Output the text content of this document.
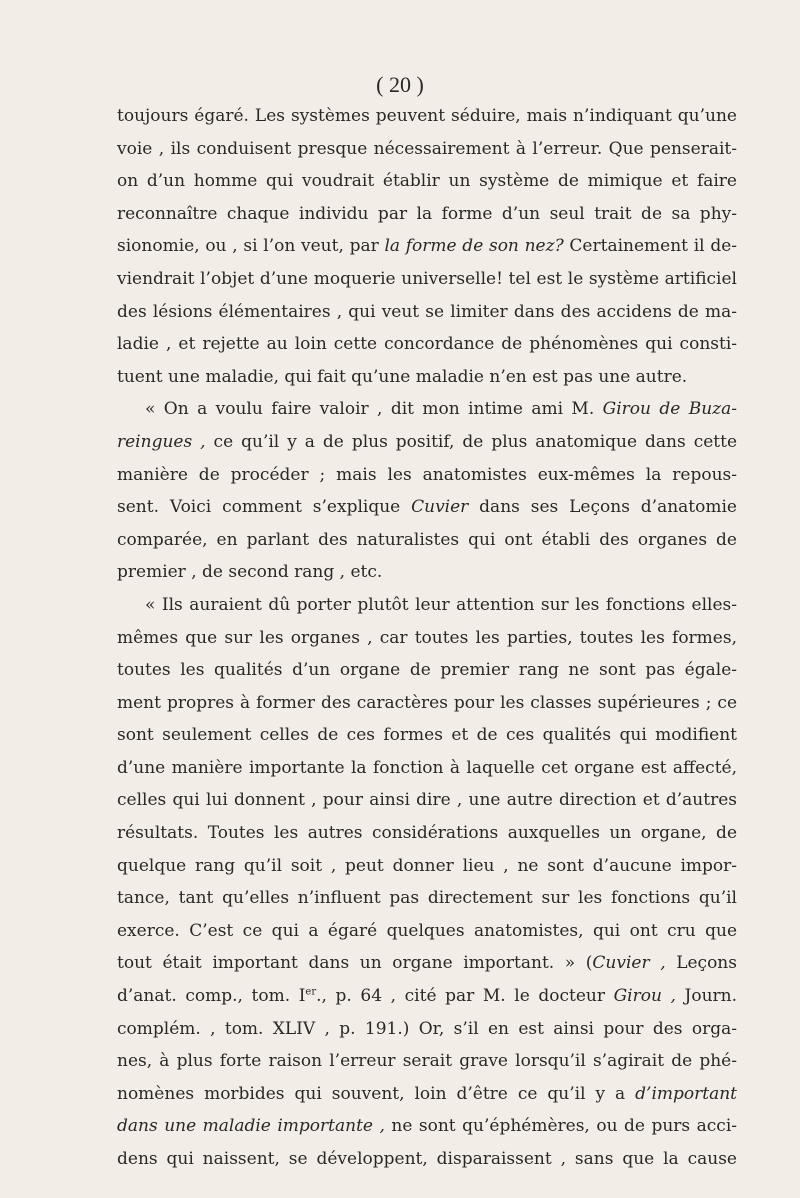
( 20 )
toujours égaré. Les systèmes peuvent séduire, mais n’indiquant qu’une
voie , ils conduisent presque nécessairement à l’erreur. Que penserait-
on d’un homme qui voudrait établir un système de mimique et faire
reconnaître chaque individu par la forme d’un seul trait de sa phy-
sionomie, ou , si l’on veut, par la forme de son nez? Certainement il de-
viendrait l’objet d’une moquerie universelle! tel est le système artificiel
des lésions élémentaires , qui veut se limiter dans des accidens de ma-
ladie , et rejette au loin cette concordance de phénomènes qui consti-
tuent une maladie, qui fait qu’une maladie n’en est pas une autre.
« On a voulu faire valoir , dit mon intime ami M. Girou de Buza-
reingues , ce qu’il y a de plus positif, de plus anatomique dans cette
manière de procéder ; mais les anatomistes eux-mêmes la repous-
sent. Voici comment s’explique Cuvier dans ses Leçons d’anatomie
comparée, en parlant des naturalistes qui ont établi des organes de
premier , de second rang , etc.
« Ils auraient dû porter plutôt leur attention sur les fonctions elles-
mêmes que sur les organes , car toutes les parties, toutes les formes,
toutes les qualités d’un organe de premier rang ne sont pas égale-
ment propres à former des caractères pour les classes supérieures ; ce
sont seulement celles de ces formes et de ces qualités qui modifient
d’une manière importante la fonction à laquelle cet organe est affecté,
celles qui lui donnent , pour ainsi dire , une autre direction et d’autres
résultats. Toutes les autres considérations auxquelles un organe, de
quelque rang qu’il soit , peut donner lieu , ne sont d’aucune impor-
tance, tant qu’elles n’influent pas directement sur les fonctions qu’il
exerce. C’est ce qui a égaré quelques anatomistes, qui ont cru que
tout était important dans un organe important. » (Cuvier , Leçons
d’anat. comp., tom. Ier., p. 64 , cité par M. le docteur Girou , Journ.
complém. , tom. XLIV , p. 191.) Or, s’il en est ainsi pour des orga-
nes, à plus forte raison l’erreur serait grave lorsqu’il s’agirait de phé-
nomènes morbides qui souvent, loin d’être ce qu’il y a d’important
dans une maladie importante , ne sont qu’éphémères, ou de purs acci-
dens qui naissent, se développent, disparaissent , sans que la cause
